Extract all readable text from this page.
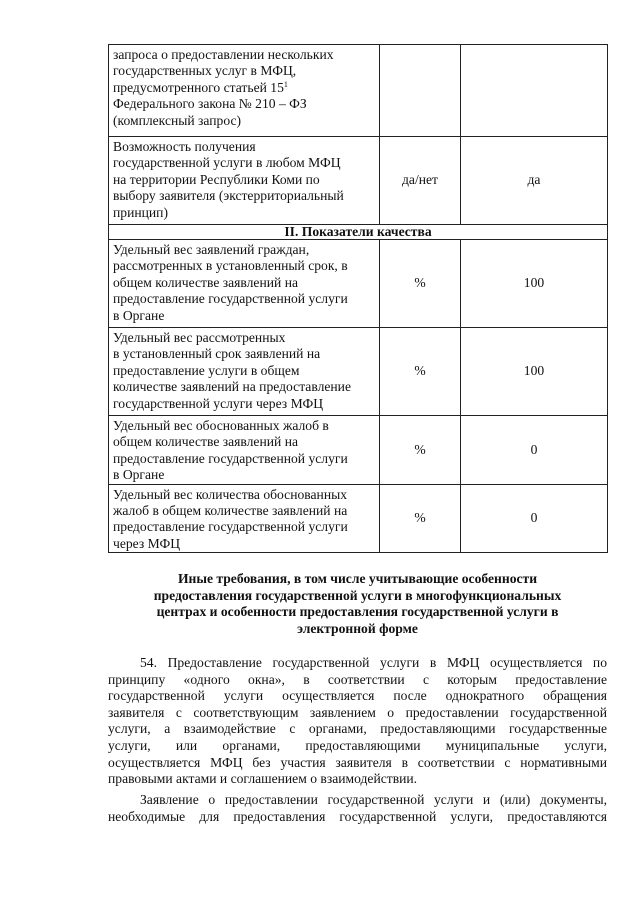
запроса о предоставлении нескольких
государственных услуг в МФЦ,
предусмотренного статьей $15^1$
Федерального закона № 210 – ФЗ
(комплексный запрос)		

Возможность получения
государственной услуги в любом МФЦ
на территории Республики Коми по
выбору заявителя (экстерриториальный
принцип)	да/нет	да
II. Показатели качества		

Удельный вес заявлений граждан,
рассмотренных в установленный срок, в
общем количестве заявлений на
предоставление государственной услуги
в Органе	%	100

Удельный вес рассмотренных
в установленный срок заявлений на
предоставление услуги в общем
количестве заявлений на предоставление
государственной услуги через МФЦ	%	100

Удельный вес обоснованных жалоб в
общем количестве заявлений на
предоставление государственной услуги
в Органе	%	0

Удельный вес количества обоснованных
жалоб в общем количестве заявлений на
предоставление государственной услуги
через МФЦ	%	0
Иные требования, в том числе учитывающие особенности
предоставления государственной услуги в многофункциональных
центрах и особенности предоставления государственной услуги в
электронной форме
54. Предоставление государственной услуги в МФЦ осуществляется по
принципу «одного окна», в соответствии с которым предоставление
государственной услуги осуществляется после однократного обращения
заявителя с соответствующим заявлением о предоставлении государственной
услуги, а взаимодействие с органами, предоставляющими государственные
услуги, или органами, предоставляющими муниципальные услуги,
осуществляется МФЦ без участия заявителя в соответствии с нормативными
правовыми актами и соглашением о взаимодействии.
Заявление о предоставлении государственной услуги и (или) документы,
необходимые для предоставления государственной услуги, предоставляются
